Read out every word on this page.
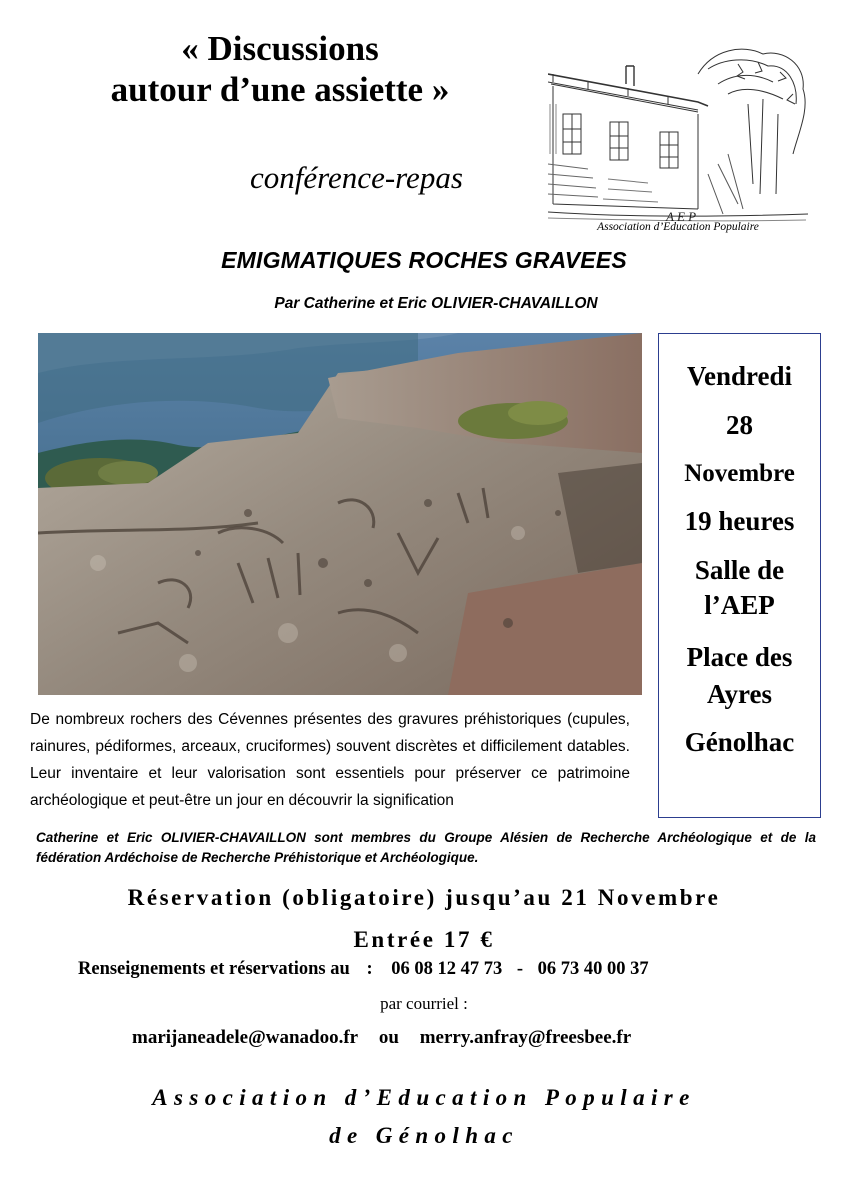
« Discussions
autour d’une assiette »
conférence-repas
A E P
Association d’Education Populaire
EMIGMATIQUES ROCHES GRAVEES
Par Catherine et Eric OLIVIER-CHAVAILLON
Vendredi
28
Novembre
19 heures
Salle de
l’AEP
Place des
Ayres
Génolhac
De nombreux rochers des Cévennes présentes des gravures préhistoriques (cupules, rainures, pédiformes, arceaux, cruciformes) souvent discrètes et difficilement datables. Leur inventaire et leur valorisation sont essentiels pour préserver ce patrimoine archéologique et peut-être un jour en découvrir la signification
Catherine et Eric OLIVIER-CHAVAILLON sont membres du Groupe Alésien de Recherche Archéologique et de la fédération Ardéchoise de Recherche Préhistorique et Archéologique.
Réservation (obligatoire) jusqu’au 21 Novembre
Entrée 17 €
Renseignements et réservations au : 06 08 12 47 73 - 06 73 40 00 37
par courriel :
marijaneadele@wanadoo.fr ou merry.anfray@freesbee.fr
Association d’Education Populaire
de Génolhac
